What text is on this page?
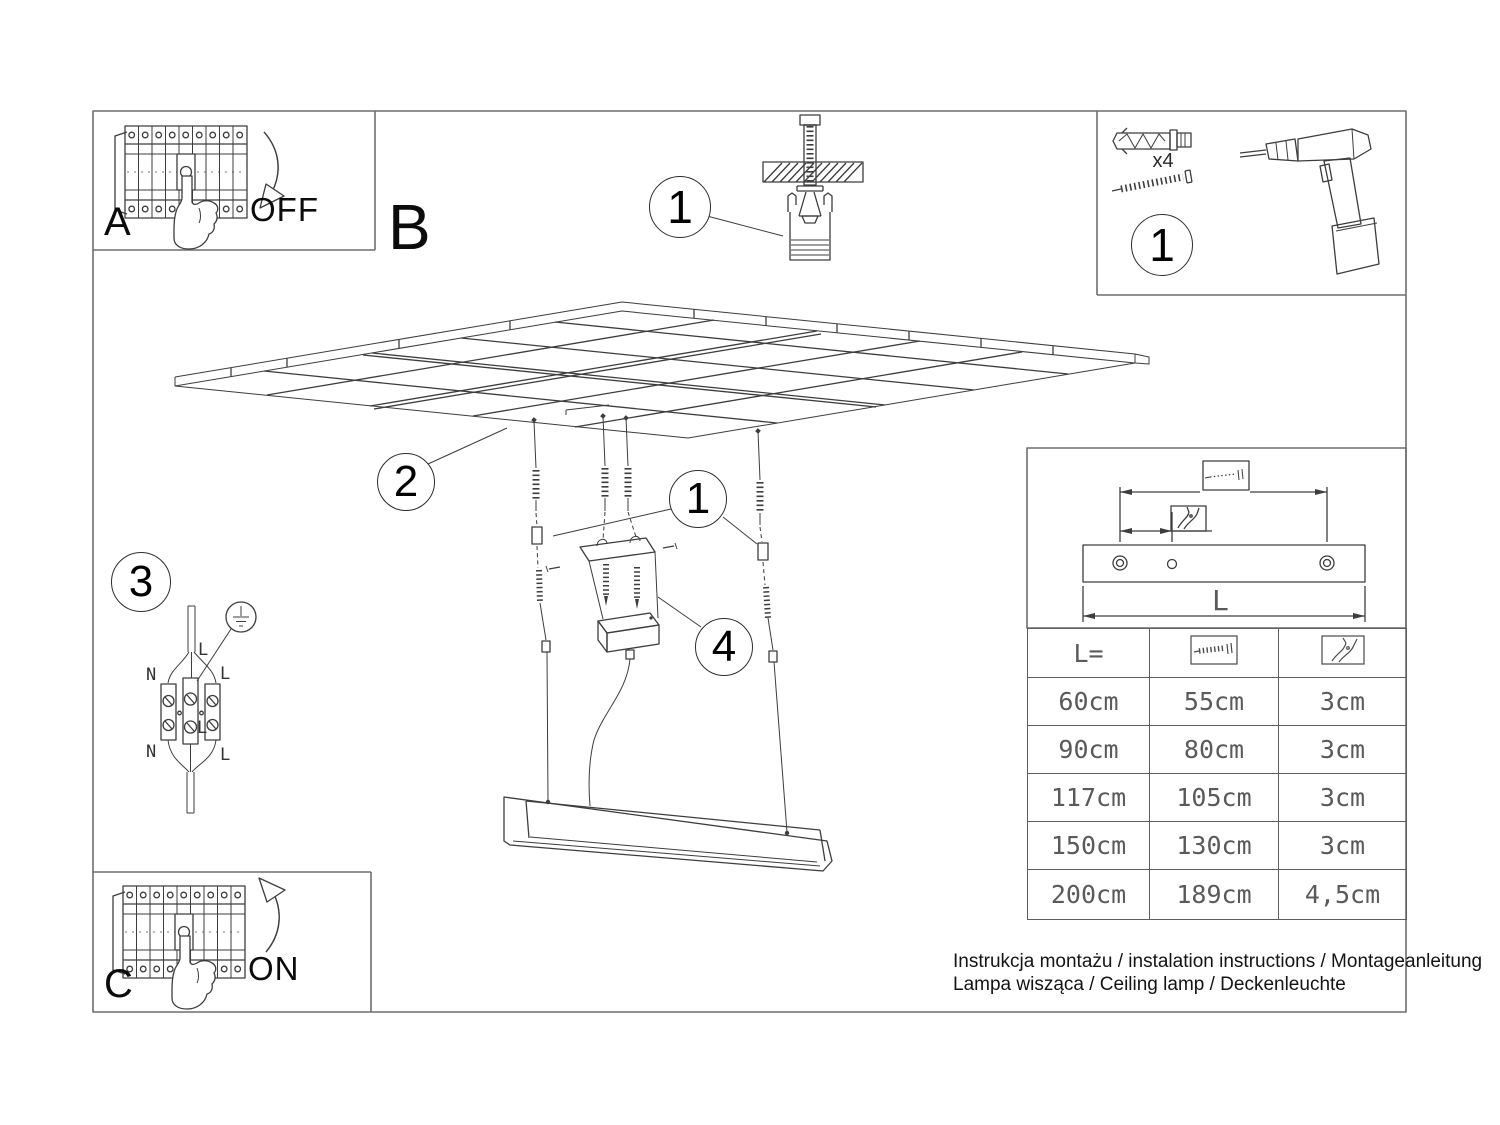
1
1
2	1
4
3
A	OFF B
C	ON
x4
N	L
L
N	L
L
L
L=		
60cm	55cm	3cm
90cm	80cm	3cm
117cm	105cm	3cm
150cm	130cm	3cm
200cm	189cm	4,5cm
Instrukcja montażu / instalation instructions / Montageanleitung
Lampa wisząca / Ceiling lamp / Deckenleuchte
